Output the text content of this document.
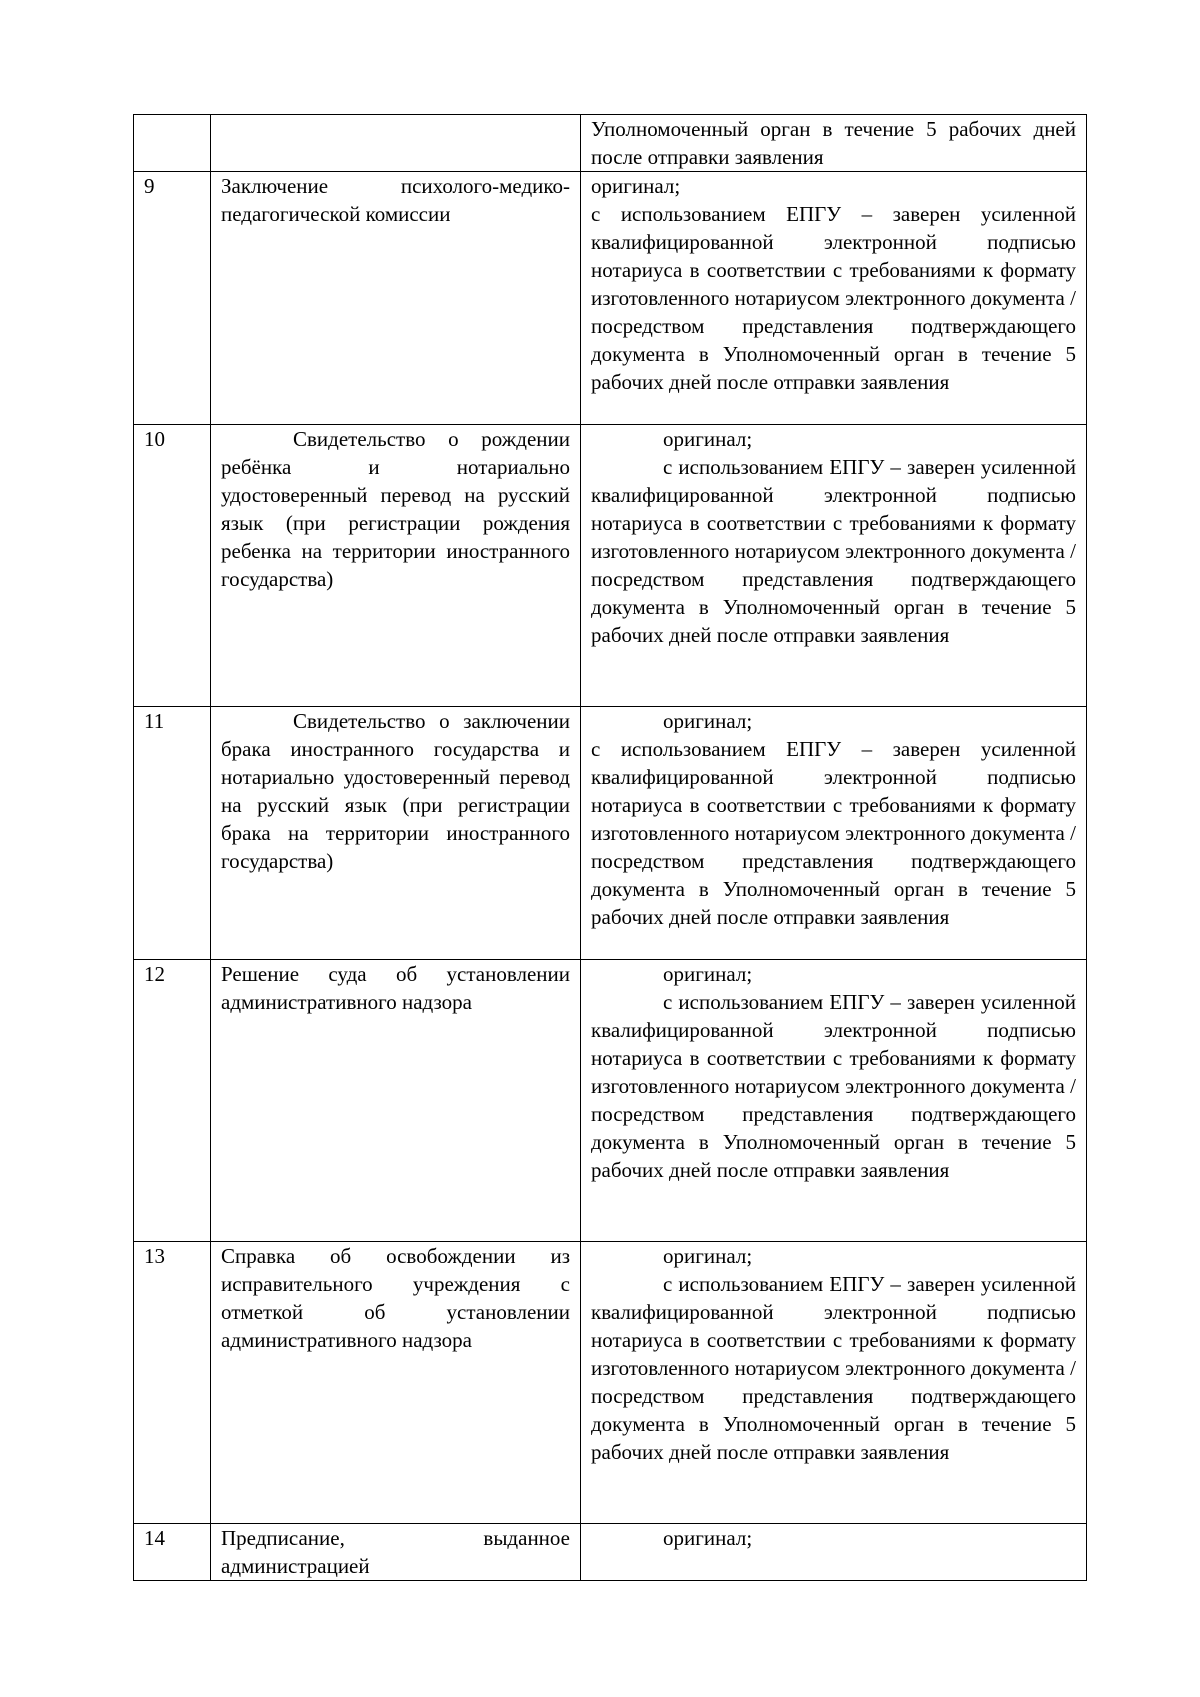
		Уполномоченный орган в течение 5 рабочих дней после отправки заявления

9	Заключение психолого-медико-педагогической комиссии	оригинал;

с использованием ЕПГУ – заверен усиленной квалифицированной электронной подписью нотариуса в соответствии с требованиями к формату изготовленного нотариусом электронного документа / посредством представления подтверждающего документа в Уполномоченный орган в течение 5 рабочих дней после отправки заявления

10	Свидетельство о рождении ребёнка и нотариально удостоверенный перевод на русский язык (при регистрации рождения ребенка на территории иностранного государства)	оригинал;

с использованием ЕПГУ – заверен усиленной квалифицированной электронной подписью нотариуса в соответствии с требованиями к формату изготовленного нотариусом электронного документа / посредством представления подтверждающего документа в Уполномоченный орган в течение 5 рабочих дней после отправки заявления

11	Свидетельство о заключении брака иностранного государства и нотариально удостоверенный перевод на русский язык (при регистрации брака на территории иностранного государства)	оригинал;

с использованием ЕПГУ – заверен усиленной квалифицированной электронной подписью нотариуса в соответствии с требованиями к формату изготовленного нотариусом электронного документа / посредством представления подтверждающего документа в Уполномоченный орган в течение 5 рабочих дней после отправки заявления

12	Решение суда об установлении административного надзора	оригинал;

с использованием ЕПГУ – заверен усиленной квалифицированной электронной подписью нотариуса в соответствии с требованиями к формату изготовленного нотариусом электронного документа / посредством представления подтверждающего документа в Уполномоченный орган в течение 5 рабочих дней после отправки заявления

13	Справка об освобождении из исправительного учреждения с отметкой об установлении административного надзора	оригинал;

с использованием ЕПГУ – заверен усиленной квалифицированной электронной подписью нотариуса в соответствии с требованиями к формату изготовленного нотариусом электронного документа / посредством представления подтверждающего документа в Уполномоченный орган в течение 5 рабочих дней после отправки заявления

14	Предписание, выданное администрацией	оригинал;
